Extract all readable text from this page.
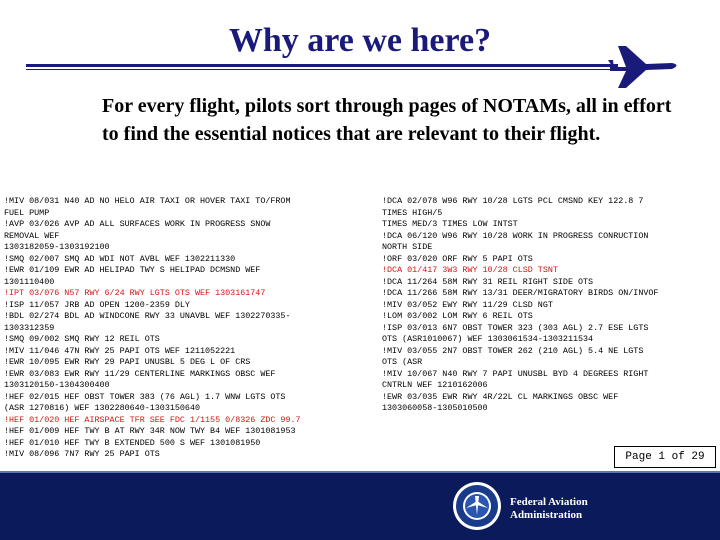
Why are we here?
For every flight, pilots sort through pages of NOTAMs, all in effort to find the essential notices that are relevant to their flight.
!MIV 08/031 N40 AD NO HELO AIR TAXI OR HOVER TAXI TO/FROM
FUEL PUMP
!AVP 03/026 AVP AD ALL SURFACES WORK IN PROGRESS SNOW
REMOVAL WEF
1303182059-1303192100
!SMQ 02/007 SMQ AD WDI NOT AVBL WEF 1302211330
!EWR 01/109 EWR AD HELIPAD TWY S HELIPAD DCMSND WEF
1301110400
!IPT 03/076 N57 RWY 6/24 RWY LGTS OTS WEF 1303161747
!ISP 11/057 JRB AD OPEN 1200-2359 DLY
!BDL 02/274 BDL AD WINDCONE RWY 33 UNAVBL WEF 1302270335-
1303312359
!SMQ 09/002 SMQ RWY 12 REIL OTS
!MIV 11/046 47N RWY 25 PAPI OTS WEF 1211052221
!EWR 10/095 EWR RWY 29 PAPI UNUSBL 5 DEG L OF CRS
!EWR 03/083 EWR RWY 11/29 CENTERLINE MARKINGS OBSC WEF
1303120150-1304300400
!HEF 02/015 HEF OBST TOWER 383 (76 AGL) 1.7 WNW LGTS OTS
(ASR 1270816) WEF 1302280640-1303150640
!HEF 01/020 HEF AIRSPACE TFR SEE FDC 1/1155 0/8326 ZDC 99.7
!HEF 01/009 HEF TWY B AT RWY 34R NOW TWY B4 WEF 1301081953
!HEF 01/010 HEF TWY B EXTENDED 500 S WEF 1301081950
!MIV 08/096 7N7 RWY 25 PAPI OTS
!DCA 02/078 W96 RWY 10/28 LGTS PCL CMSND KEY 122.8 7
TIMES HIGH/5
TIMES MED/3 TIMES LOW INTST
!DCA 06/120 W96 RWY 10/28 WORK IN PROGRESS CONRUCTION
NORTH SIDE
!ORF 03/020 ORF RWY 5 PAPI OTS
!DCA 01/417 3W3 RWY 10/28 CLSD TSNT
!DCA 11/264 58M RWY 31 REIL RIGHT SIDE OTS
!DCA 11/266 58M RWY 13/31 DEER/MIGRATORY BIRDS ON/INVOF
!MIV 03/052 EWY RWY 11/29 CLSD NGT
!LOM 03/002 LOM RWY 6 REIL OTS
!ISP 03/013 6N7 OBST TOWER 323 (303 AGL) 2.7 ESE LGTS
OTS (ASR1010067) WEF 1303061534-1303211534
!MIV 03/055 2N7 OBST TOWER 262 (210 AGL) 5.4 NE LGTS
OTS (ASR
!MIV 10/067 N40 RWY 7 PAPI UNUSBL BYD 4 DEGREES RIGHT
CNTRLN WEF 1210162006
!EWR 03/035 EWR RWY 4R/22L CL MARKINGS OBSC WEF
1303060058-1305010500
Page 1 of 29
Federal Aviation
Administration
